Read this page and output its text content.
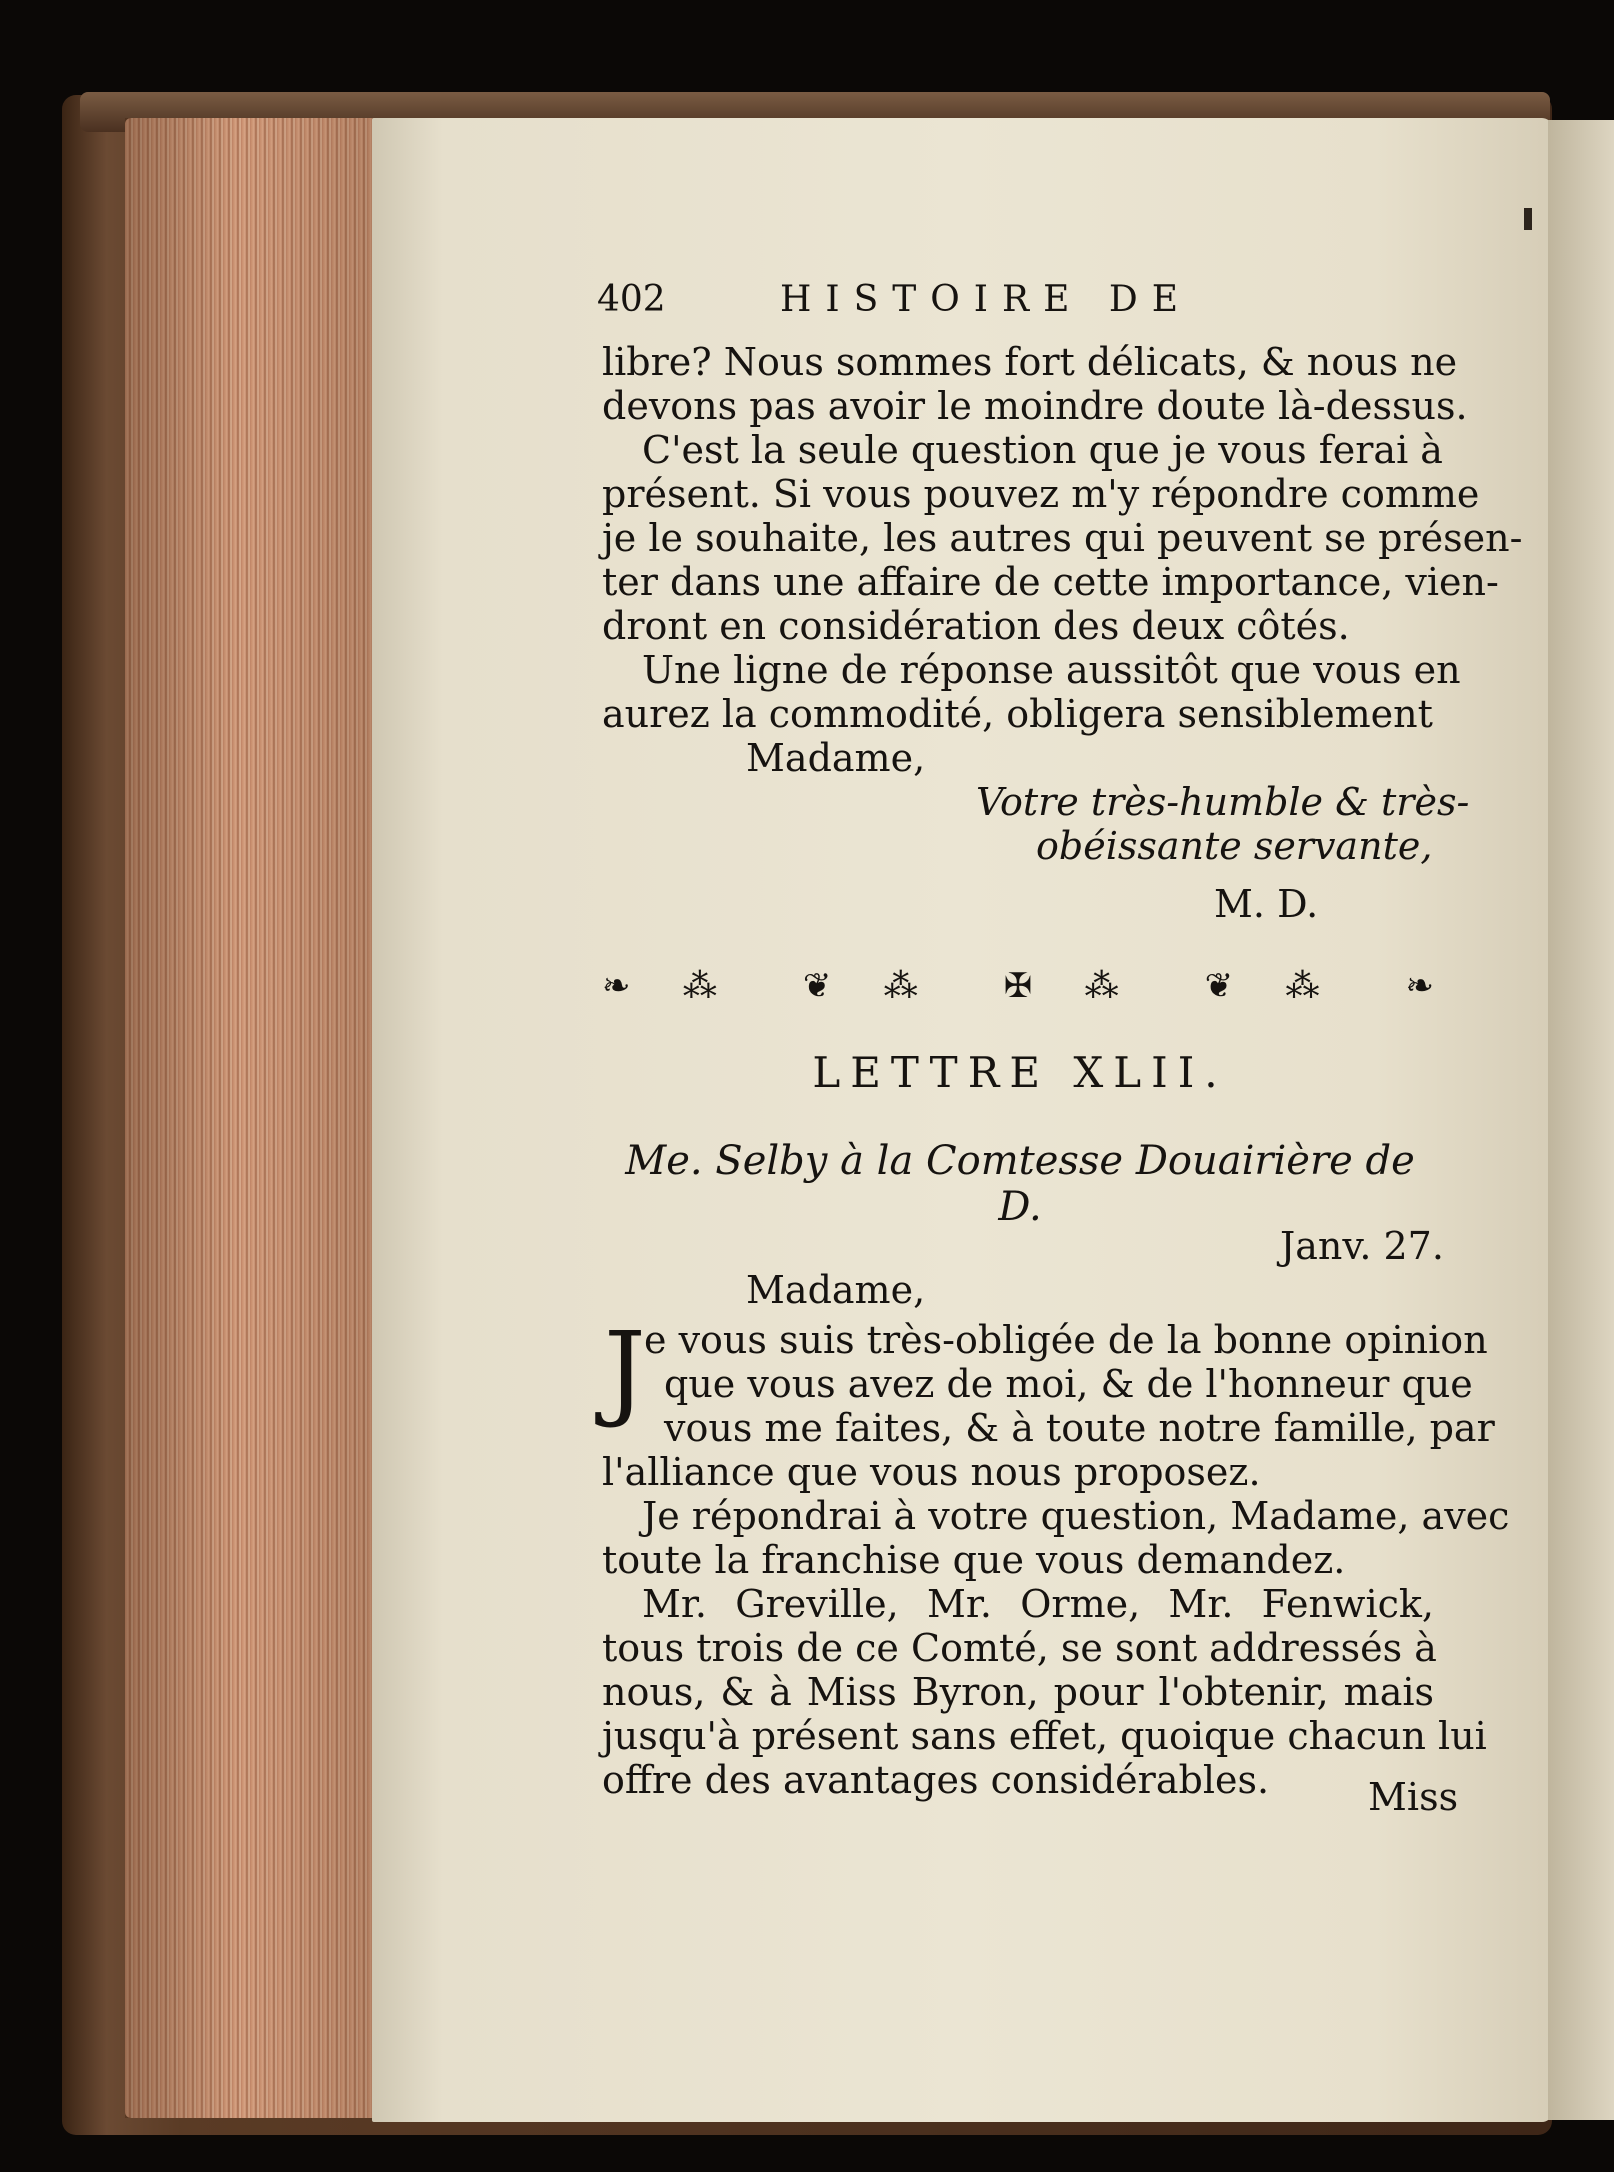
402	HISTOIRE DE
libre? Nous sommes fort délicats, & nous ne
devons pas avoir le moindre doute là-dessus.
C'est la seule question que je vous ferai à
présent. Si vous pouvez m'y répondre comme
je le souhaite, les autres qui peuvent se présen-
ter dans une affaire de cette importance, vien-
dront en considération des deux côtés.
Une ligne de réponse aussitôt que vous en
aurez la commodité, obligera sensiblement
Madame,
Votre très-humble & très-
obéissante servante,
M. D.
❧ ⁂ ❦ ⁂ ✠ ⁂ ❦ ⁂ ❧
LETTRE XLII.
Me. Selby à la Comtesse Douairière de D.
Janv. 27.
Madame,
J
e vous suis très-obligée de la bonne opinion
que vous avez de moi, & de l'honneur que
vous me faites, & à toute notre famille, par
l'alliance que vous nous proposez.
Je répondrai à votre question, Madame, avec
toute la franchise que vous demandez.
Mr. Greville, Mr. Orme, Mr. Fenwick,
tous trois de ce Comté, se sont addressés à
nous, & à Miss Byron, pour l'obtenir, mais
jusqu'à présent sans effet, quoique chacun lui
offre des avantages considérables.	Miss
